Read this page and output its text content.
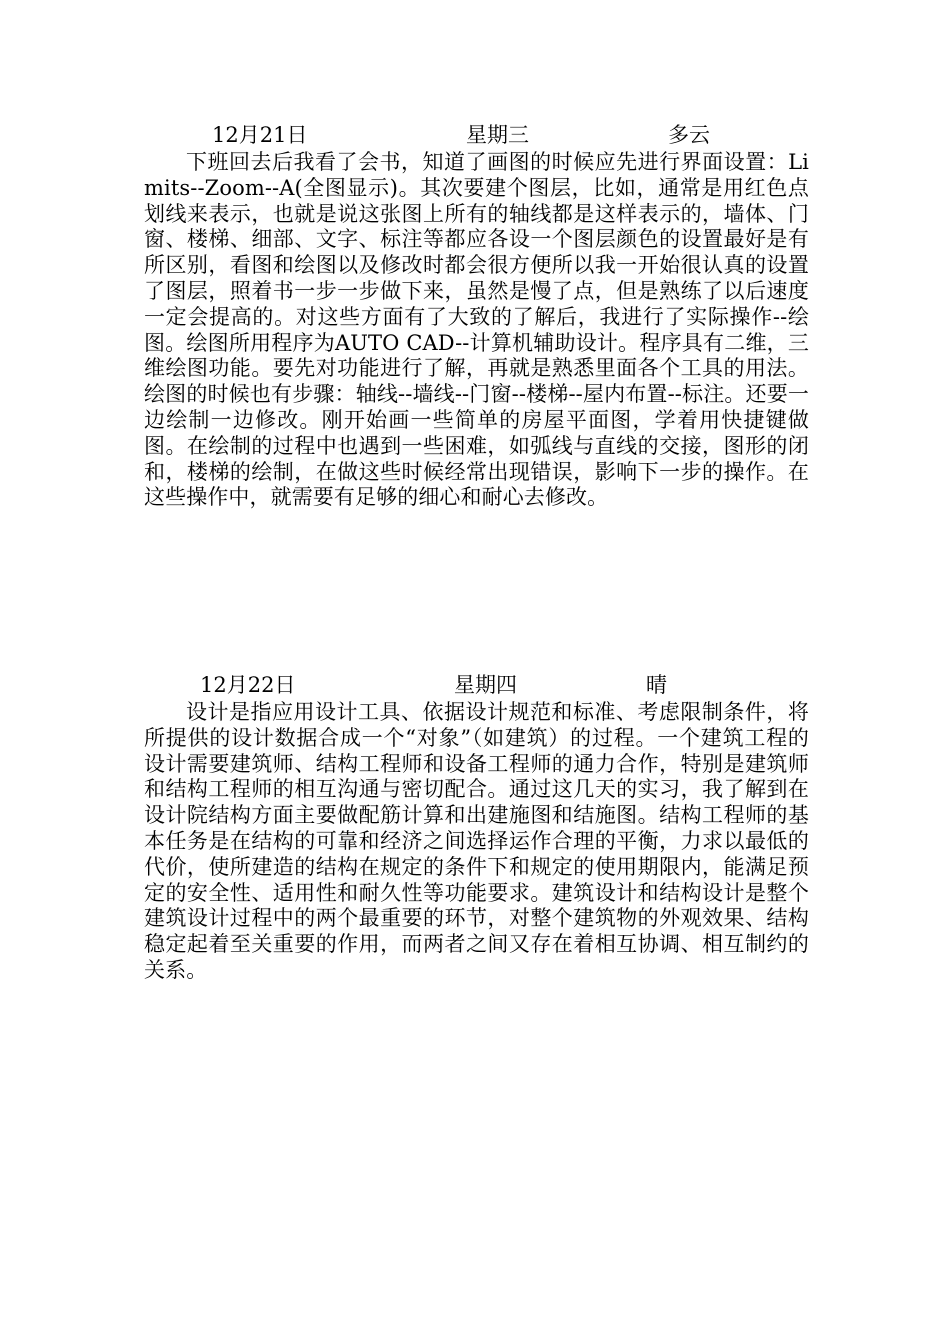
12月21日	星期三	多云

下班回去后我看了会书，知道了画图的时候应先进行界面设置：Limits--Zoom--A(全图显示)。其次要建个图层，比如，通常是用红色点划线来表示，也就是说这张图上所有的轴线都是这样表示的，墙体、门窗、楼梯、细部、文字、标注等都应各设一个图层颜色的设置最好是有所区别，看图和绘图以及修改时都会很方便所以我一开始很认真的设置了图层，照着书一步一步做下来，虽然是慢了点，但是熟练了以后速度一定会提高的。对这些方面有了大致的了解后，我进行了实际操作--绘图。绘图所用程序为AUTO CAD--计算机辅助设计。程序具有二维，三维绘图功能。要先对功能进行了解，再就是熟悉里面各个工具的用法。绘图的时候也有步骤：轴线--墙线--门窗--楼梯--屋内布置--标注。还要一边绘制一边修改。刚开始画一些简单的房屋平面图，学着用快捷键做图。在绘制的过程中也遇到一些困难，如弧线与直线的交接，图形的闭和，楼梯的绘制，在做这些时候经常出现错误，影响下一步的操作。在这些操作中，就需要有足够的细心和耐心去修改。

12月22日	星期四	晴

设计是指应用设计工具、依据设计规范和标准、考虑限制条件，将所提供的设计数据合成一个“对象”（如建筑）的过程。一个建筑工程的设计需要建筑师、结构工程师和设备工程师的通力合作，特别是建筑师和结构工程师的相互沟通与密切配合。通过这几天的实习，我了解到在设计院结构方面主要做配筋计算和出建施图和结施图。结构工程师的基本任务是在结构的可靠和经济之间选择运作合理的平衡，力求以最低的代价，使所建造的结构在规定的条件下和规定的使用期限内，能满足预定的安全性、适用性和耐久性等功能要求。建筑设计和结构设计是整个建筑设计过程中的两个最重要的环节，对整个建筑物的外观效果、结构稳定起着至关重要的作用，而两者之间又存在着相互协调、相互制约的关系。
